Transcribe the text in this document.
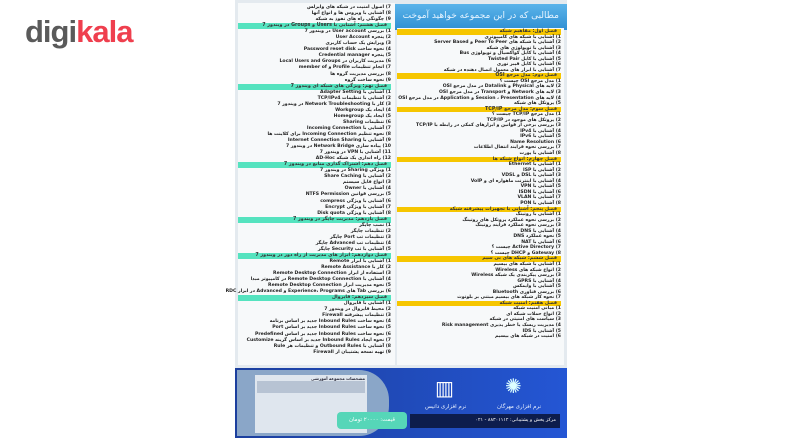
digikala
7) اصول امنیت در شبکه های وایرلس
8) آشنایی با ویروس ها و انواع آنها
9) چگونگی راه های نفوذ به شبکه
فصل هشتم: آشنایی با Users و Groups در ویندوز 7
1) بررسی User account در ویندوز 7
2) پنجره User Account
3) ویرایش یک حساب کاربری
4) نحوه ساخت Password reset disk
5) پنجره Credential manager
6) مدیریت کاربران در Local Users and Groups
7) انجام تنظیمات Profile و member of
8) بررسی مدیریت گروه ها
9) نحوه ساخت گروه
فصل نهم: ویژگی های شبکه ای ویندوز 7
1) آشنایی با Adapter Setting
2) آشنایی با تنظیمات TCP/IPv4
3) کار با Network Troubleshooting در ویندوز 7
4) ایجاد یک Workgroup
5) ایجاد یک Homegroup
6) تنظیمات Sharing
7) آشنایی با Incoming Connection
8) نحوه تنظیم Incoming Connection برای کلاینت ها
9) آشنایی با Internet Connection Sharing
10) پیاده سازی Network Bridge در ویندوز 7
11) آشنایی با VPN در ویندوز 7
12) راه اندازی یک شبکه AD-Hoc
فصل دهم: اشتراک گذاری منابع در ویندوز 7
1) ویژگی Sharing در ویندوز 7
2) آشنایی با Share Caching
3) انواع فایل سیستم
4) آشنایی با Owner
5) بررسی قوانین NTFS Permission
6) آشنایی با ویژگی compress
7) آشنایی با ویژگی Encrypt
8) آشنایی با ویژگی Disk quota
فصل یازدهم: مدیریت چاپگر در ویندوز 7
1) نصب چاپگر
2) تنظیمات چاپگر
3) تنظیمات تب Port چاپگر
4) تنظیمات تب Advanced چاپگر
5) آشنایی با تب Security چاپگر
فصل دوازدهم: ابزار های مدیریت از راه دور در ویندوز 7
1) آشنایی با ابزار Remote
2) کار با Remote Assistance
3) استفاده از ابزار Remote Desktop Connection
4) آشنایی با Remote Desktop Connection در کامپیوتر مبدا
5) نحوه مدیریت ابزار Remote Desktop Connection
6) بررسی Tab های Experience، Programs و Advanced در ابزار RDC
فصل سیزدهم: فایروال
1) آشنایی با فایروال
2) محیط فایروال در ویندوز 7
3) تنظیمات پیشرفته Firewall
4) نحوه ساخت Inbound Rules جدید بر اساس برنامه
5) نحوه ساخت Inbound Rules جدید بر اساس Port
6) نحوه ساخت Inbound Rules جدید بر اساس Predefined
7) نحوه ایجاد Inbound Rules جدید بر اساس گزینه Customize
8) آشنایی با Outbound Rules و تنظیمات هر Rule
9) تهیه نسخه پشتیبان از Firewall
مطالبی که در این مجموعه خواهید آموخت
فصل اول: مفاهیم شبکه
1) آشنایی با شبکه های کامپیوتری
2) آشنایی با شبکه های Peer To Peer و Server Based
3) آشنایی با توپولوژی های شبکه
4) آشنایی با کابل کواکسیال و توپولوژی Bus
5) آشنایی با کابل Twisted Pair
6) آشنایی با کابل فیبر نوری
7) آشنایی با ابزار های معمول اتصال دهنده در شبکه
فصل دوم: مدل مرجع OSI
1) مدل مرجع OSI چیست ؟
2) لایه های Physical و Datalink در مدل مرجع OSI
3) لایه های Network و Transport در مدل مرجع OSI
4) لایه های Session ، Presentation و Application در مدل مرجع OSI
5) پروتکل های شبکه
فصل سوم: مدل مرجع TCP/IP
1) مدل مرجع TCP/IP چیست ؟
2) پروتکل های موجود در TCP/IP
3) بررسی برخی از قوانین و ابزارهای کمکی در رابطه با TCP/IP
4) آشنایی با IPv4
5) آشنایی با IPv6
6) Name Resolution
7) بررسی نحوه فرایند انتقال اطلاعات
8) آشنایی با پورت
فصل چهارم: انواع شبکه ها
1) آشنایی با Ethernet
2) آشنایی با ISP
3) آشنایی با DSL و VDSL
4) آشنایی با اینترنت ماهواره ای و VoIP
5) آشنایی با VPN
6) آشنایی با ISDN
7) آشنایی با VLAN
8) آشنایی با PON
فصل پنجم: آشنایی با تجهیزات پیشرفته شبکه
1) آشنایی با روتینگ
2) بررسی نحوه عملکرد پروتکل های روتینگ
3) بررسی نحوه عملکرد فرایند روتینگ
4) آشنایی با DNS
5) نحوه عملکرد DNS
6) آشنایی با NAT
7) Active Directory چیست ؟
8) Gateway و DHCP چیست ؟
فصل ششم: شبکه های بی سیم
1) آشنایی با شبکه های بیسیم
2) انواع شبکه های Wireless
3) بررسی پیکربندی یک شبکه Wireless
4) آشنایی با GPRS
5) آشنایی با وایمکس
6) بررسی فناوری Bluetooth
7) نحوه کار شبکه های بیسیم مبتنی بر بلوتوث
فصل هفتم: امنیت شبکه
1) مبانی امنیت شبکه
2) انواع حملات شبکه ای
3) سیاست های امنیتی در شبکه
4) مدیریت ریسک یا خطر پذیری Risk management
5) آشنایی با IDS
6) امنیت در شبکه های بیسیم
مشخصات مجموعه آموزشی	▥	✺
نرم افزاری مهرگان
نرم افزاری دانیس
قیمت: ۲۰۰۰۰ تومان	مرکز پخش و پشتیبانی: ۸۸۳۰۱۱۱۲ - ۰۲۱
